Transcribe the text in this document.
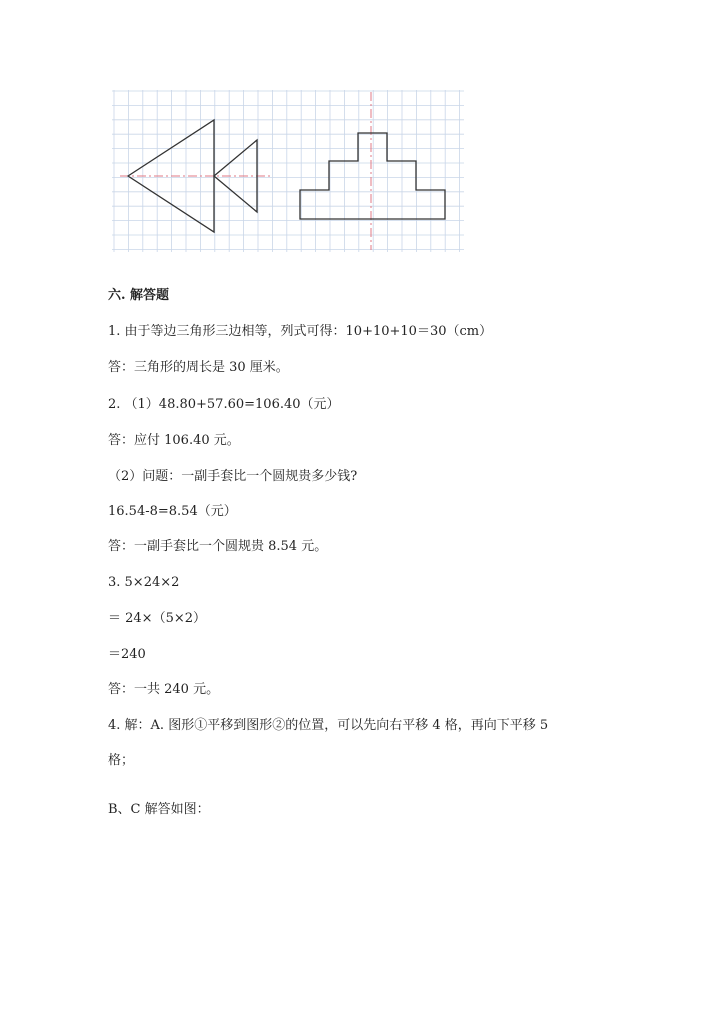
六. 解答题
1. 由于等边三角形三边相等，列式可得：10+10+10＝30（cm）
答：三角形的周长是 30 厘米。
2. （1）48.80+57.60=106.40（元）
答：应付 106.40 元。
（2）问题：一副手套比一个圆规贵多少钱?
16.54-8=8.54（元）
答：一副手套比一个圆规贵 8.54 元。
3. 5×24×2
＝ 24×（5×2）
＝240
答：一共 240 元。
4. 解：A. 图形①平移到图形②的位置，可以先向右平移 4 格，再向下平移 5
格；
B、C 解答如图：
